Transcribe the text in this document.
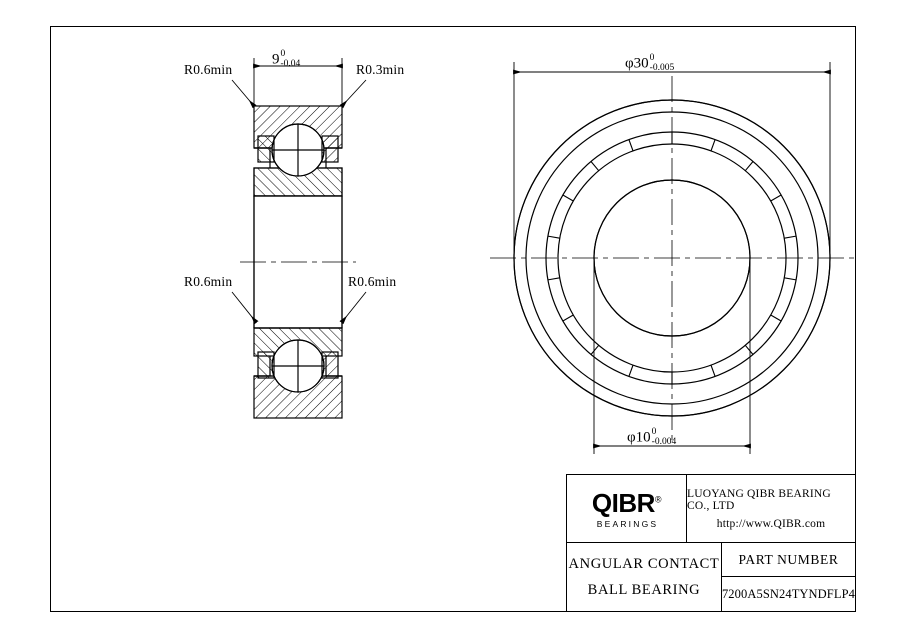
R0.6min	R0.3min
R0.6min	R0.6min
9 0
-0.04	φ30 0
-0.005
φ10 0
-0.004
QIBR®
BEARINGS
LUOYANG QIBR BEARING CO., LTD
http://www.QIBR.com
ANGULAR CONTACT
BALL BEARING
PART NUMBER
7200A5SN24TYNDFLP4
